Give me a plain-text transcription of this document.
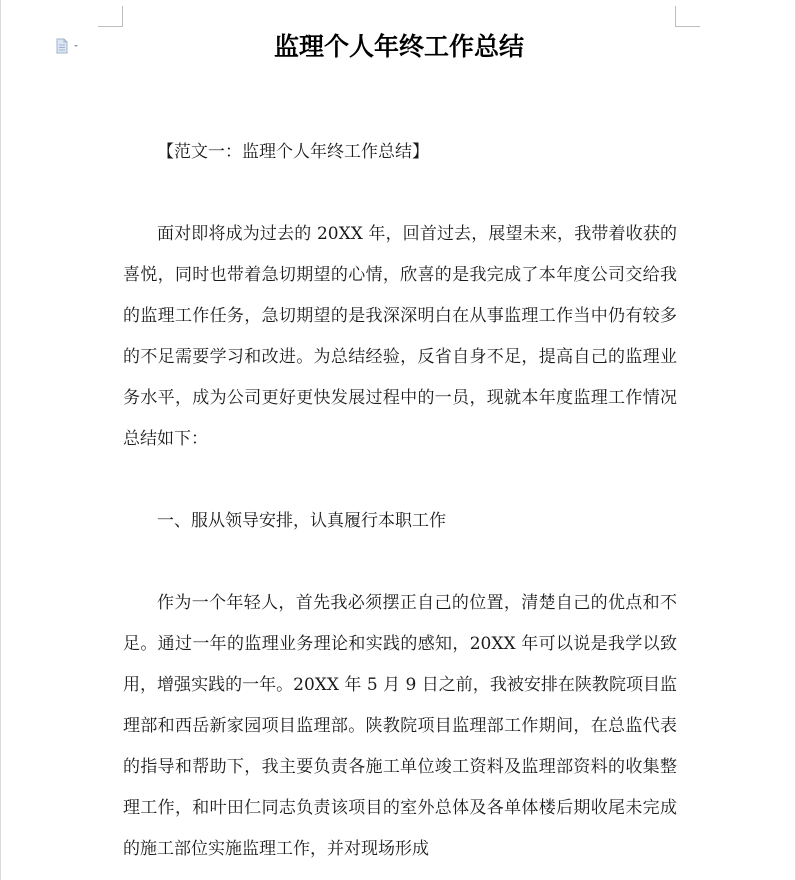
监理个人年终工作总结

【范文一：监理个人年终工作总结】

面对即将成为过去的 20XX 年，回首过去，展望未来，我带着收获的喜悦，同时也带着急切期望的心情，欣喜的是我完成了本年度公司交给我的监理工作任务，急切期望的是我深深明白在从事监理工作当中仍有较多的不足需要学习和改进。为总结经验，反省自身不足，提高自己的监理业务水平，成为公司更好更快发展过程中的一员，现就本年度监理工作情况总结如下：

一、服从领导安排，认真履行本职工作

作为一个年轻人，首先我必须摆正自己的位置，清楚自己的优点和不足。通过一年的监理业务理论和实践的感知，20XX 年可以说是我学以致用，增强实践的一年。20XX 年 5 月 9 日之前，我被安排在陕教院项目监理部和西岳新家园项目监理部。陕教院项目监理部工作期间，在总监代表的指导和帮助下，我主要负责各施工单位竣工资料及监理部资料的收集整理工作，和叶田仁同志负责该项目的室外总体及各单体楼后期收尾未完成的施工部位实施监理工作，并对现场形成
